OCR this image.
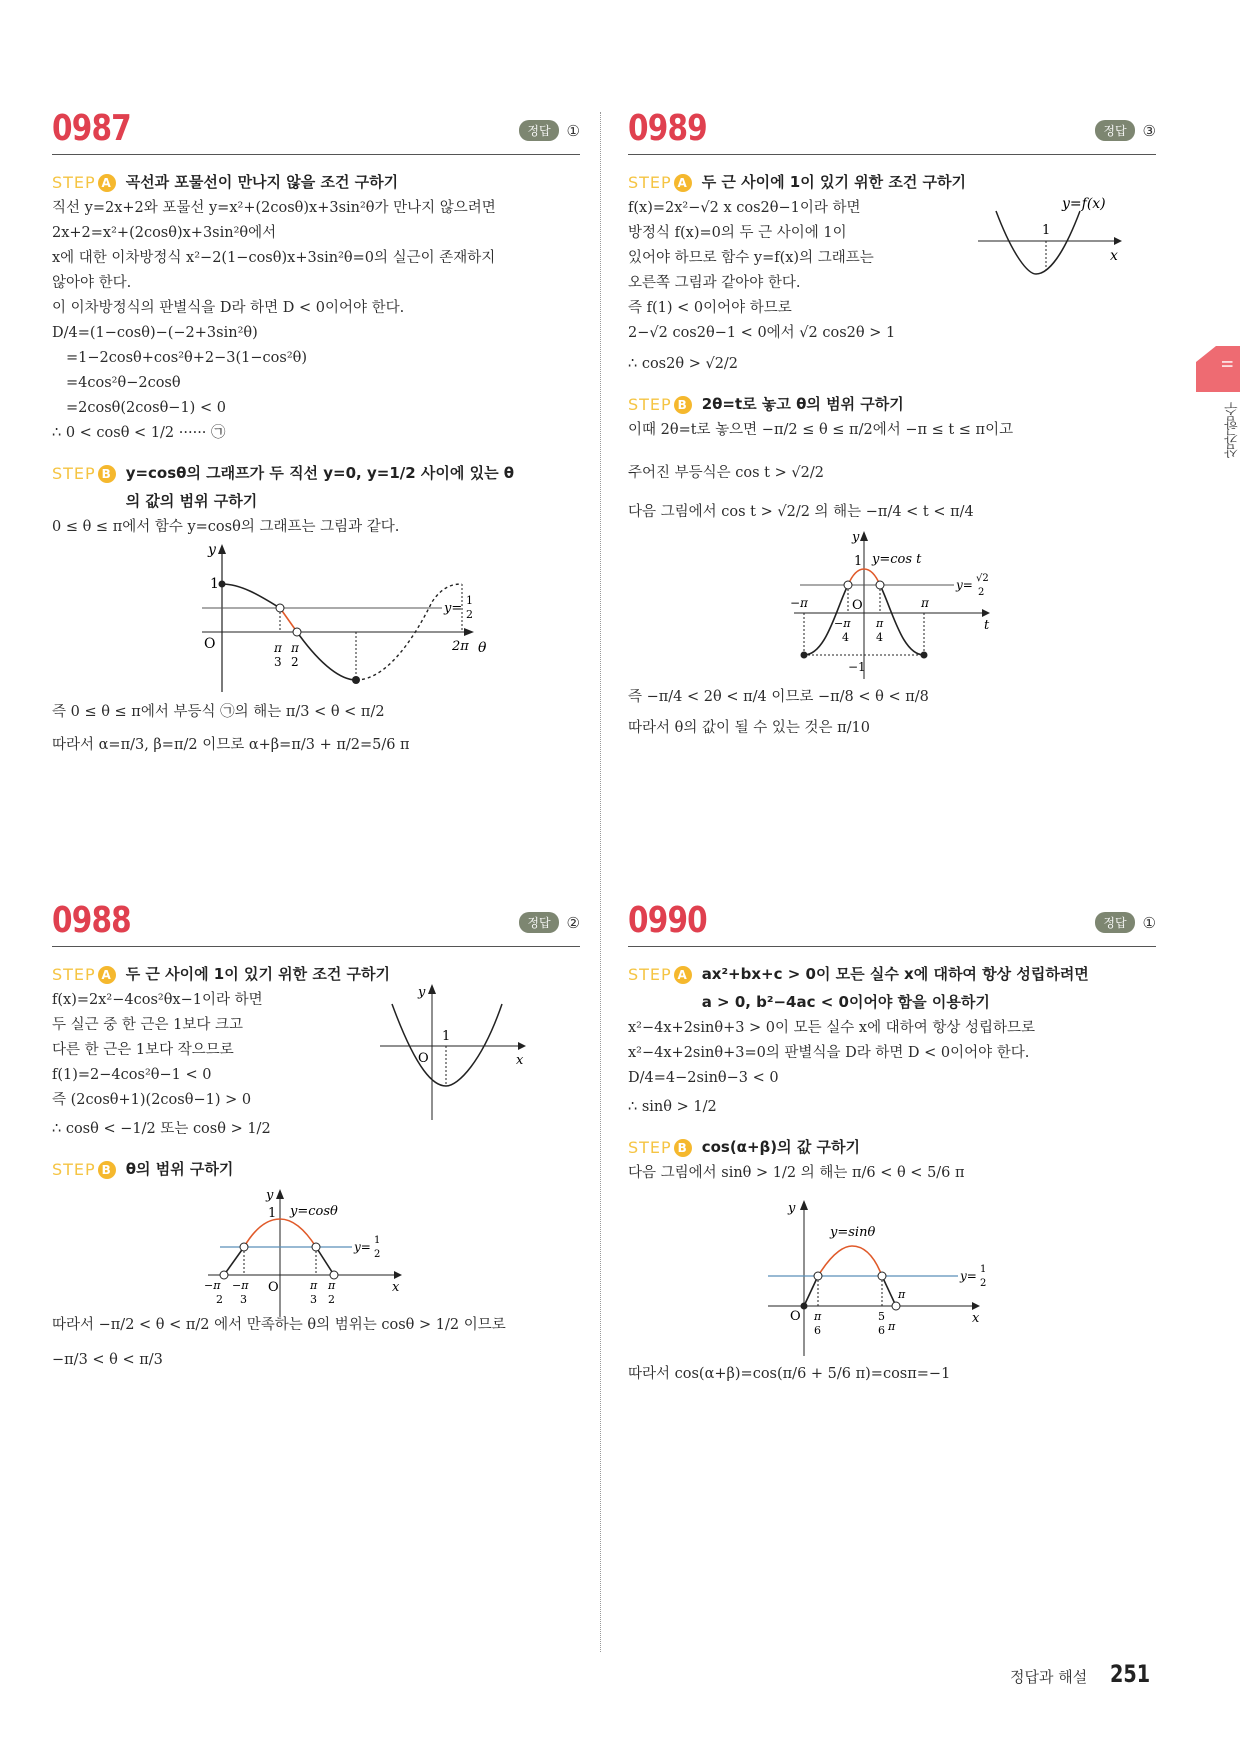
0987	정답	①
STEP A 곡선과 포물선이 만나지 않을 조건 구하기
직선 y=2x+2와 포물선 y=x²+(2cosθ)x+3sin²θ가 만나지 않으려면
2x+2=x²+(2cosθ)x+3sin²θ에서
x에 대한 이차방정식 x²−2(1−cosθ)x+3sin²θ=0의 실근이 존재하지
않아야 한다.
이 이차방정식의 판별식을 D라 하면 D < 0이어야 한다.
D/4=(1−cosθ)−(−2+3sin²θ)
=1−2cosθ+cos²θ+2−3(1−cos²θ)
=4cos²θ−2cosθ
=2cosθ(2cosθ−1) < 0
∴ 0 < cosθ < 1/2 ······ ㉠
STEP B y=cosθ의 그래프가 두 직선 y=0, y=1/2 사이에 있는 θ의 값의 범위 구하기
0 ≤ θ ≤ π에서 함수 y=cosθ의 그래프는 그림과 같다.
y
1
O	π
3
π
2
2π θ
y=
1
2
즉 0 ≤ θ ≤ π에서 부등식 ㉠의 해는 π/3 < θ < π/2
따라서 α=π/3, β=π/2 이므로 α+β=π/3 + π/2=5/6 π
0989	정답	③
STEP A 두 근 사이에 1이 있기 위한 조건 구하기
f(x)=2x²−√2 x cos2θ−1이라 하면
방정식 f(x)=0의 두 근 사이에 1이
있어야 하므로 함수 y=f(x)의 그래프는
오른쪽 그림과 같아야 한다.
즉 f(1) < 0이어야 하므로
2−√2 cos2θ−1 < 0에서 √2 cos2θ > 1
∴ cos2θ > √2/2
1
x
y=f(x)
STEP B 2θ=t로 놓고 θ의 범위 구하기
이때 2θ=t로 놓으면 −π/2 ≤ θ ≤ π/2에서 −π ≤ t ≤ π이고
주어진 부등식은 cos t > √2/2
다음 그림에서 cos t > √2/2 의 해는 −π/4 < t < π/4
y
1 y=cos t
O
−π
−π
4
π
4
π
−1
t
y= √2
2
즉 −π/4 < 2θ < π/4 이므로 −π/8 < θ < π/8
따라서 θ의 값이 될 수 있는 것은 π/10
0988	정답	②
STEP A 두 근 사이에 1이 있기 위한 조건 구하기
f(x)=2x²−4cos²θx−1이라 하면
두 실근 중 한 근은 1보다 크고
다른 한 근은 1보다 작으므로
f(1)=2−4cos²θ−1 < 0
즉 (2cosθ+1)(2cosθ−1) > 0
∴ cosθ < −1/2 또는 cosθ > 1/2
y
1
O	x
STEP B θ의 범위 구하기
y
1 y=cosθ
y= 1
2
O
−π
2
−π
3
π
3
π
2
x
따라서 −π/2 < θ < π/2 에서 만족하는 θ의 범위는 cosθ > 1/2 이므로
−π/3 < θ < π/3
0990	정답	①
STEP A ax²+bx+c > 0이 모든 실수 x에 대하여 항상 성립하려면 a > 0, b²−4ac < 0이어야 함을 이용하기
x²−4x+2sinθ+3 > 0이 모든 실수 x에 대하여 항상 성립하므로
x²−4x+2sinθ+3=0의 판별식을 D라 하면 D < 0이어야 한다.
D/4=4−2sinθ−3 < 0
∴ sinθ > 1/2
STEP B cos(α+β)의 값 구하기
다음 그림에서 sinθ > 1/2 의 해는 π/6 < θ < 5/6 π
y
y=sinθ
y= 1
2
O π
6
5
6 π
π
x
따라서 cos(α+β)=cos(π/6 + 5/6 π)=cosπ=−1
II
삼각함수
정답과 해설 251
